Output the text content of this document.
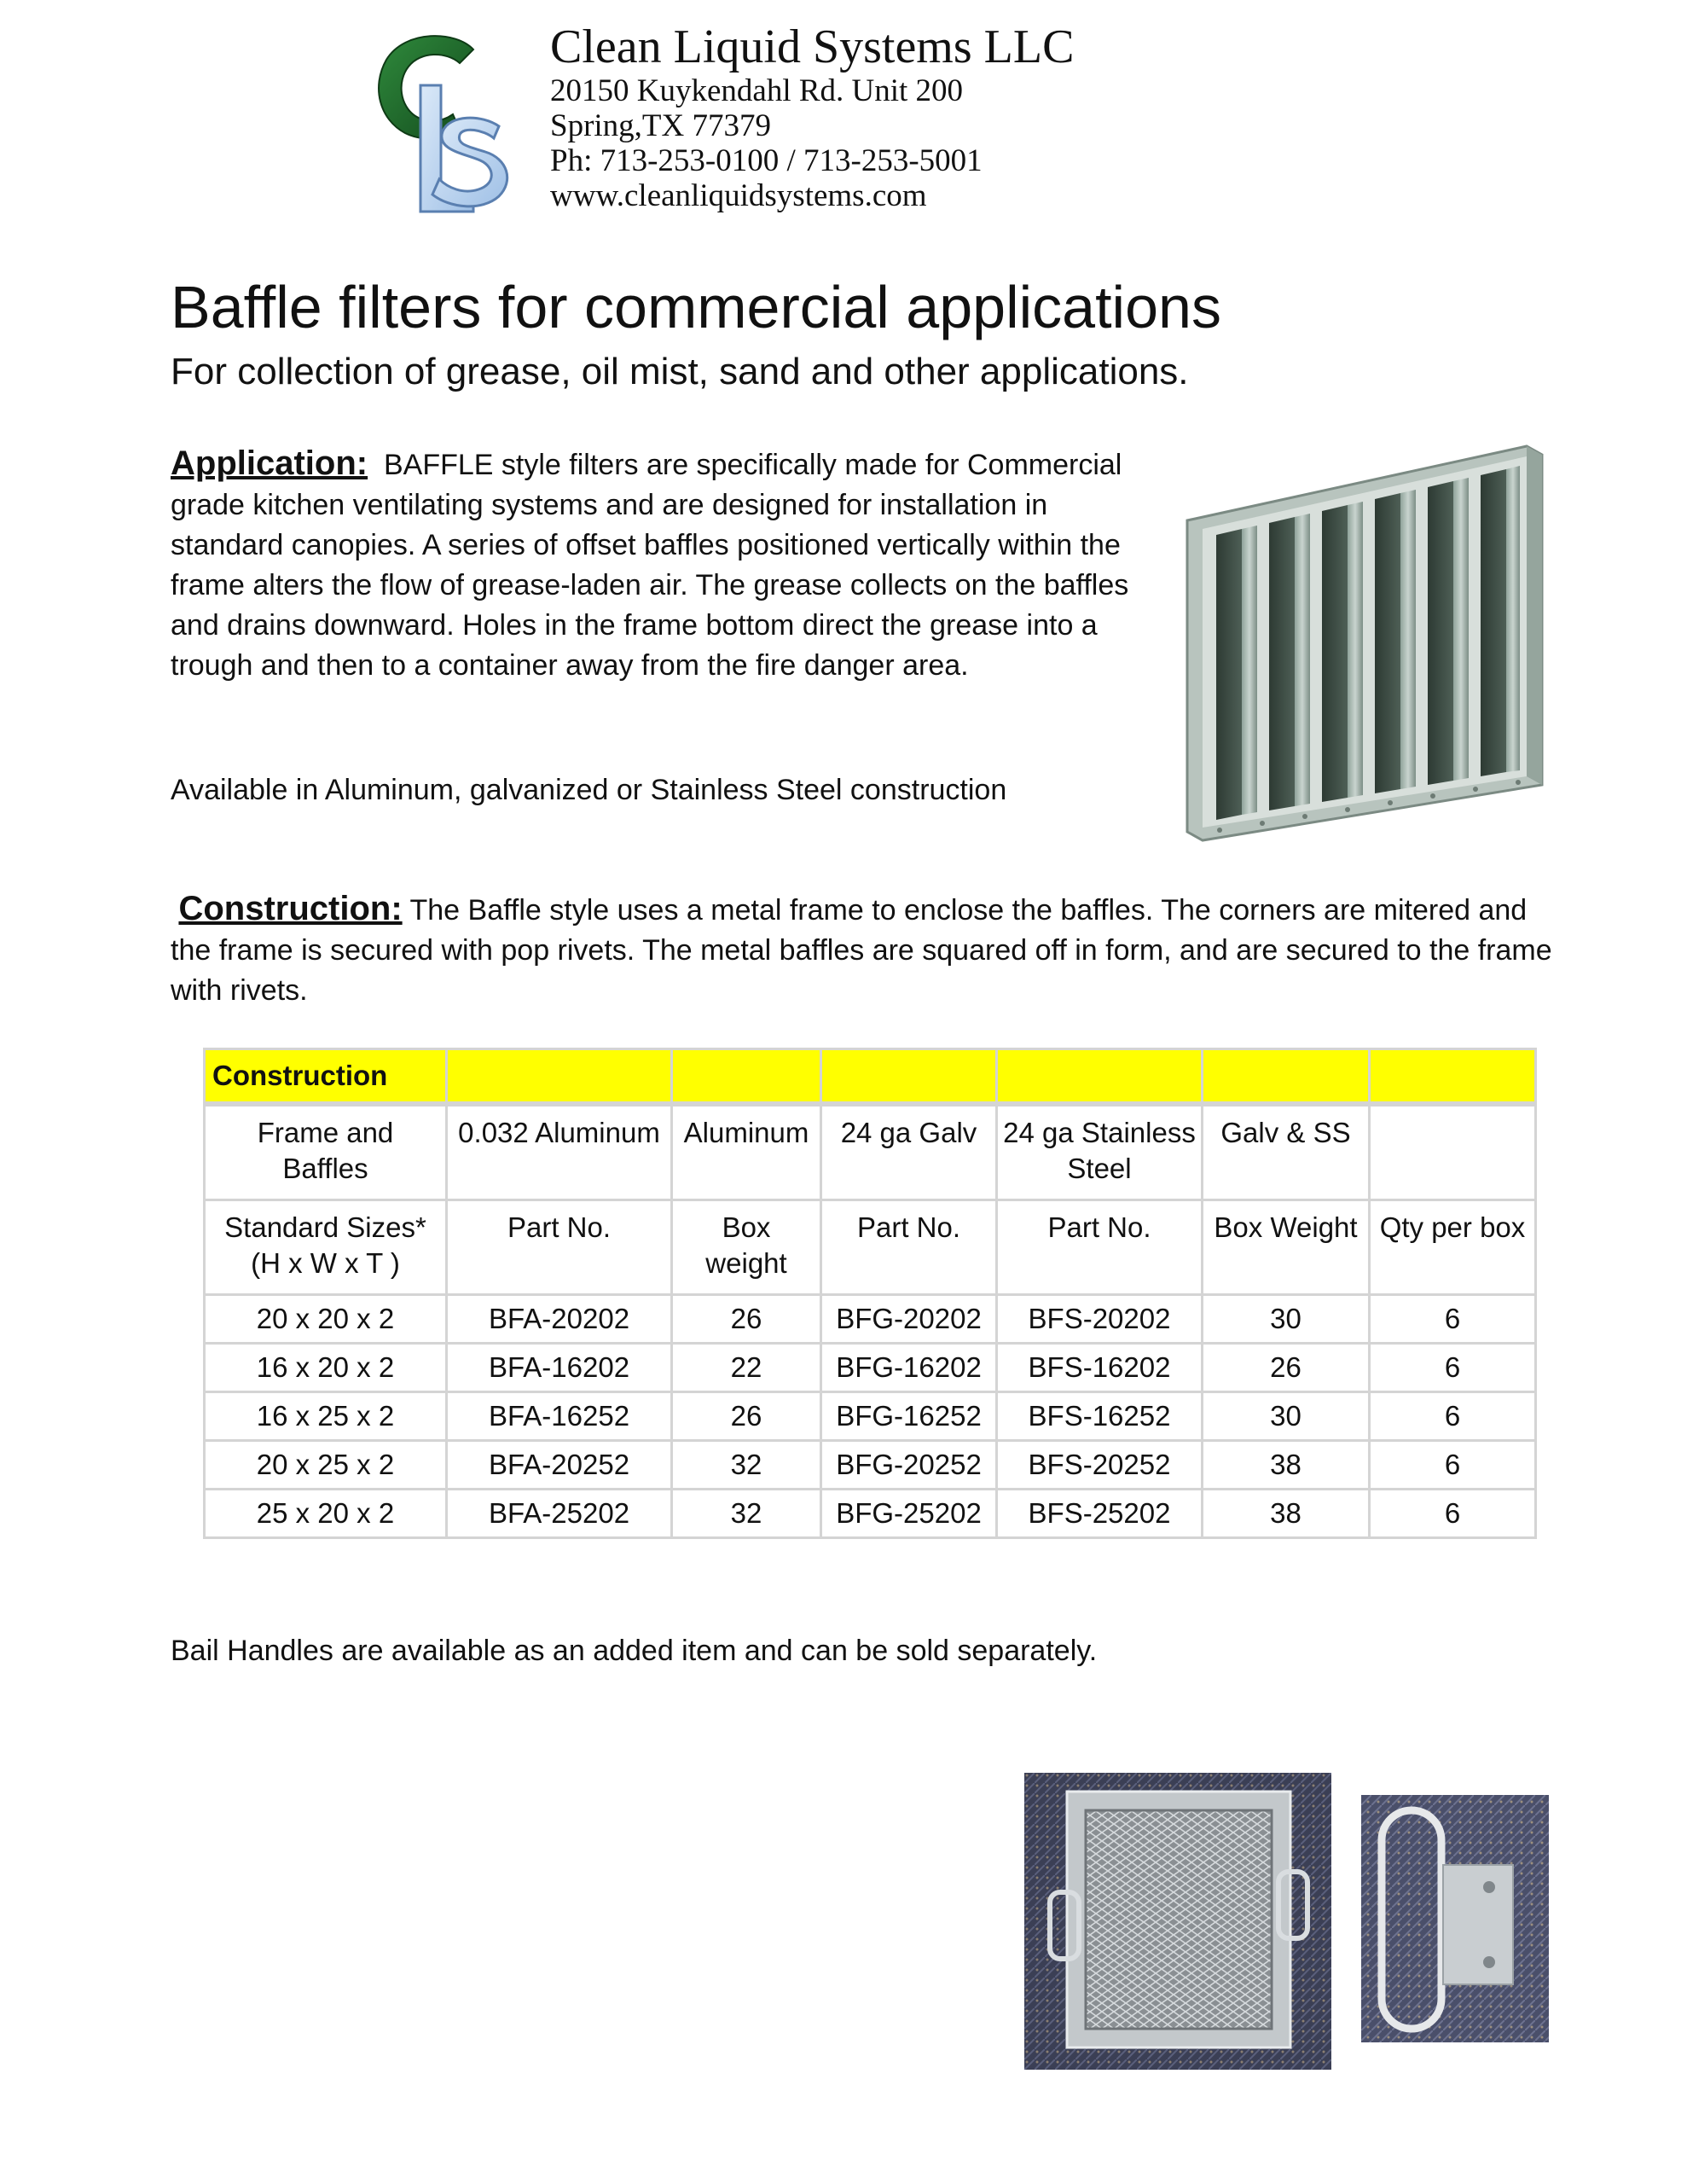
Clean Liquid Systems LLC
20150 Kuykendahl Rd. Unit 200
Spring,TX 77379
Ph: 713-253-0100 / 713-253-5001
www.cleanliquidsystems.com
Baffle filters for commercial applications
For collection of grease, oil mist, sand and other applications.
Application: BAFFLE style filters are specifically made for Commercial grade kitchen ventilating systems and are designed for installation in standard canopies. A series of offset baffles positioned vertically within the frame alters the flow of grease-laden air. The grease collects on the baffles and drains downward. Holes in the frame bottom direct the grease into a trough and then to a container away from the fire danger area.
Available in Aluminum, galvanized or Stainless Steel construction
Construction: The Baffle style uses a metal frame to enclose the baffles. The corners are mitered and the frame is secured with pop rivets. The metal baffles are squared off in form, and are secured to the frame with rivets.
Construction						
Frame and Baffles	0.032 Aluminum	Aluminum	24 ga Galv	24 ga Stainless Steel	Galv & SS	
Standard Sizes* (H x W x T )	Part No.	Box weight	Part No.	Part No.	Box Weight	Qty per box
20 x 20 x 2	BFA-20202	26	BFG-20202	BFS-20202	30	6
16 x 20 x 2	BFA-16202	22	BFG-16202	BFS-16202	26	6
16 x 25 x 2	BFA-16252	26	BFG-16252	BFS-16252	30	6
20 x 25 x 2	BFA-20252	32	BFG-20252	BFS-20252	38	6
25 x 20 x 2	BFA-25202	32	BFG-25202	BFS-25202	38	6
Bail Handles are available as an added item and can be sold separately.
